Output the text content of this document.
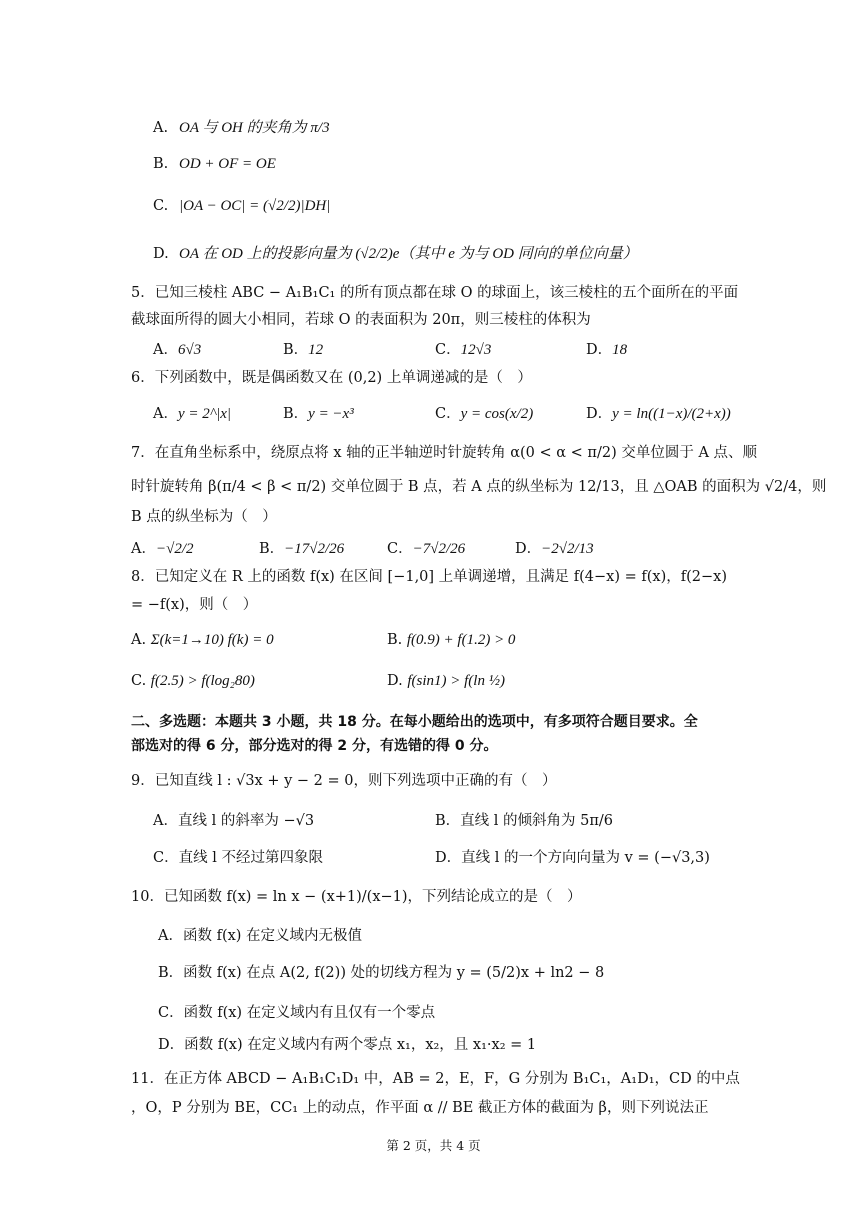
A. OA 与 OH 的夹角为 π/3
B. OD + OF = OE
C. |OA − OC| = (√2/2)|DH|
D. OA 在 OD 上的投影向量为 (√2/2)e（其中 e 为与 OD 同向的单位向量）
5．已知三棱柱 ABC − A₁B₁C₁ 的所有顶点都在球 O 的球面上，该三棱柱的五个面所在的平面
截球面所得的圆大小相同，若球 O 的表面积为 20π，则三棱柱的体积为
A．6√3	B．12	C．12√3	D．18
6．下列函数中，既是偶函数又在 (0,2) 上单调递减的是（　）
A．y = 2^|x|	B．y = −x³	C．y = cos(x/2)	D．y = ln((1−x)/(2+x))
7．在直角坐标系中，绕原点将 x 轴的正半轴逆时针旋转角 α(0 < α < π/2) 交单位圆于 A 点、顺
时针旋转角 β(π/4 < β < π/2) 交单位圆于 B 点，若 A 点的纵坐标为 12/13，且 △OAB 的面积为 √2/4，则
B 点的纵坐标为（　）
A．−√2/2	B．−17√2/26	C．−7√2/26	D．−2√2/13
8．已知定义在 R 上的函数 f(x) 在区间 [−1,0] 上单调递增，且满足 f(4−x) = f(x)，f(2−x)
= −f(x)，则（　）
A. Σ(k=1→10) f(k) = 0	B. f(0.9) + f(1.2) > 0
C. f(2.5) > f(log₂80)	D. f(sin1) > f(ln ½)
二、多选题：本题共 3 小题，共 18 分。在每小题给出的选项中，有多项符合题目要求。全
部选对的得 6 分，部分选对的得 2 分，有选错的得 0 分。
9．已知直线 l : √3x + y − 2 = 0，则下列选项中正确的有（　）
A．直线 l 的斜率为 −√3	B．直线 l 的倾斜角为 5π/6
C．直线 l 不经过第四象限	D．直线 l 的一个方向向量为 v = (−√3,3)
10．已知函数 f(x) = ln x − (x+1)/(x−1)，下列结论成立的是（　）
A．函数 f(x) 在定义域内无极值
B．函数 f(x) 在点 A(2, f(2)) 处的切线方程为 y = (5/2)x + ln2 − 8
C．函数 f(x) 在定义域内有且仅有一个零点
D．函数 f(x) 在定义域内有两个零点 x₁，x₂，且 x₁·x₂ = 1
11．在正方体 ABCD − A₁B₁C₁D₁ 中，AB = 2，E，F，G 分别为 B₁C₁，A₁D₁，CD 的中点
，O，P 分别为 BE，CC₁ 上的动点，作平面 α // BE 截正方体的截面为 β，则下列说法正
第 2 页，共 4 页
